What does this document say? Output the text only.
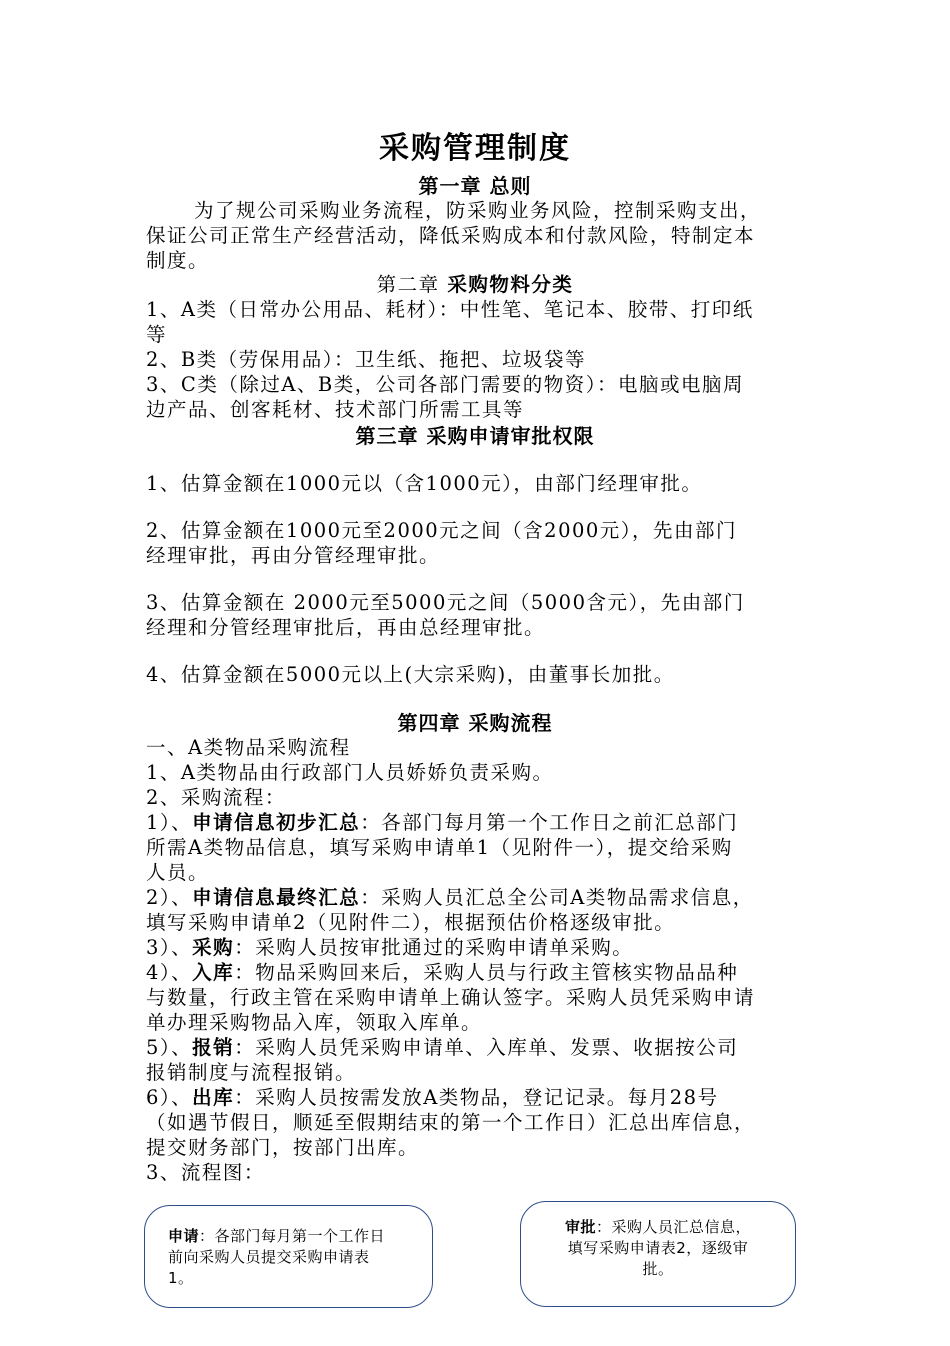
采购管理制度
第一章 总则
为了规公司采购业务流程，防采购业务风险，控制采购支出，
保证公司正常生产经营活动，降低采购成本和付款风险，特制定本
制度。
第二章 采购物料分类
1、A类（日常办公用品、耗材）：中性笔、笔记本、胶带、打印纸
等
2、B类（劳保用品）：卫生纸、拖把、垃圾袋等
3、C类（除过A、B类，公司各部门需要的物资）：电脑或电脑周
边产品、创客耗材、技术部门所需工具等
第三章 采购申请审批权限
1、估算金额在1000元以（含1000元），由部门经理审批。
2、估算金额在1000元至2000元之间（含2000元），先由部门
经理审批，再由分管经理审批。
3、估算金额在 2000元至5000元之间（5000含元），先由部门
经理和分管经理审批后，再由总经理审批。
4、估算金额在5000元以上(大宗采购)，由董事长加批。
第四章 采购流程
一、A类物品采购流程
1、A类物品由行政部门人员娇娇负责采购。
2、采购流程：
1）、申请信息初步汇总：各部门每月第一个工作日之前汇总部门
所需A类物品信息，填写采购申请单1（见附件一），提交给采购
人员。
2）、申请信息最终汇总：采购人员汇总全公司A类物品需求信息，
填写采购申请单2（见附件二），根据预估价格逐级审批。
3）、采购：采购人员按审批通过的采购申请单采购。
4）、入库：物品采购回来后，采购人员与行政主管核实物品品种
与数量，行政主管在采购申请单上确认签字。采购人员凭采购申请
单办理采购物品入库，领取入库单。
5）、报销：采购人员凭采购申请单、入库单、发票、收据按公司
报销制度与流程报销。
6）、出库：采购人员按需发放A类物品，登记记录。每月28号
（如遇节假日，顺延至假期结束的第一个工作日）汇总出库信息，
提交财务部门，按部门出库。
3、流程图：
申请：各部门每月第一个工作日
前向采购人员提交采购申请表
1。
审批：采购人员汇总信息，
填写采购申请表2，逐级审
批。
